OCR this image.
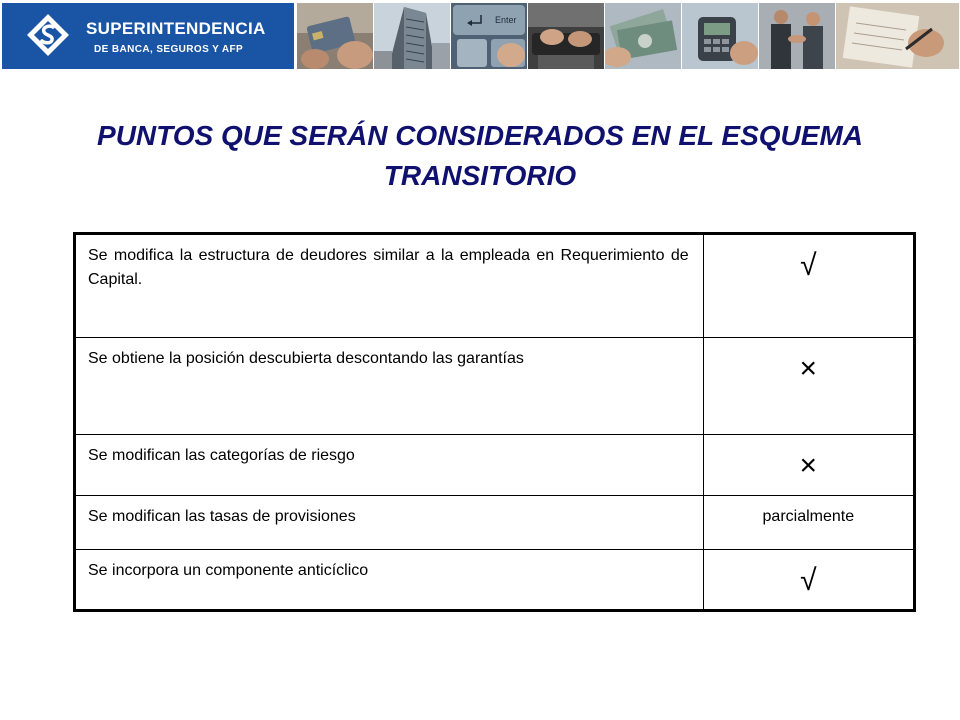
SUPERINTENDENCIA
DE BANCA, SEGUROS Y AFP
Enter
PUNTOS QUE SERÁN CONSIDERADOS EN EL ESQUEMA
TRANSITORIO
Se modifica la estructura de deudores similar a la empleada en Requerimiento de Capital.	√
Se obtiene la posición descubierta descontando las garantías	×
Se modifican las categorías de riesgo	×
Se modifican las tasas de provisiones	parcialmente
Se incorpora un componente anticíclico	√
